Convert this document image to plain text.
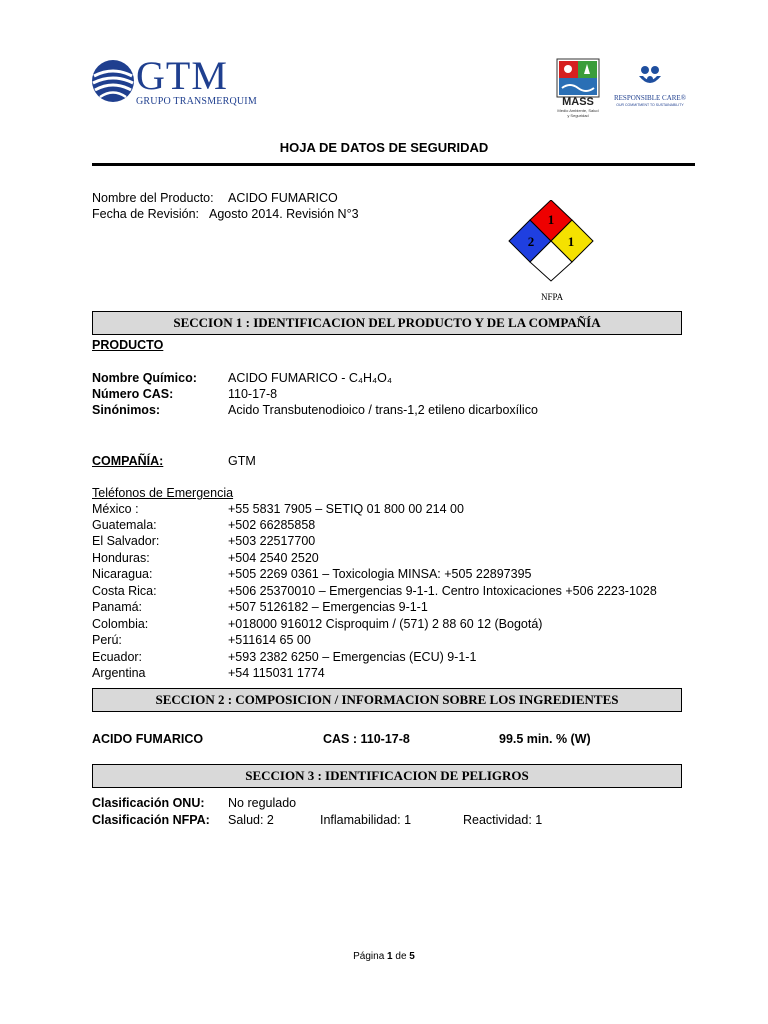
GTM
GRUPO TRANSMERQUIM	MASS
Medio Ambiente, Salud y Seguridad
RESPONSIBLE CARE®
OUR COMMITMENT TO SUSTAINABILITY
HOJA DE DATOS DE SEGURIDAD
Nombre del Producto: ACIDO FUMARICO
Fecha de Revisión: Agosto 2014. Revisión N°3
2
1
1
NFPA
SECCION 1 : IDENTIFICACION DEL PRODUCTO Y DE LA COMPAÑÍA
PRODUCTO
Nombre Químico: ACIDO FUMARICO - C₄H₄O₄
Número CAS:	110-17-8
Sinónimos:	Acido Transbutenodioico / trans-1,2 etileno dicarboxílico
COMPAÑÍA:	GTM
Teléfonos de Emergencia
México :	+55 5831 7905 – SETIQ 01 800 00 214 00
Guatemala:	+502 66285858
El Salvador:	+503 22517700
Honduras:	+504 2540 2520
Nicaragua:	+505 2269 0361 – Toxicologia MINSA: +505 22897395
Costa Rica:	+506 25370010 – Emergencias 9-1-1. Centro Intoxicaciones +506 2223-1028
Panamá:	+507 5126182 – Emergencias 9-1-1
Colombia:	+018000 916012 Cisproquim / (571) 2 88 60 12 (Bogotá)
Perú:	+511614 65 00
Ecuador:	+593 2382 6250 – Emergencias (ECU) 9-1-1
Argentina	+54 115031 1774
SECCION 2 : COMPOSICION / INFORMACION SOBRE LOS INGREDIENTES
ACIDO FUMARICO	CAS : 110-17-8	99.5 min. % (W)
SECCION 3 : IDENTIFICACION DE PELIGROS
Clasificación ONU: No regulado
Clasificación NFPA: Salud: 2	Inflamabilidad: 1	Reactividad: 1
Página 1 de 5
